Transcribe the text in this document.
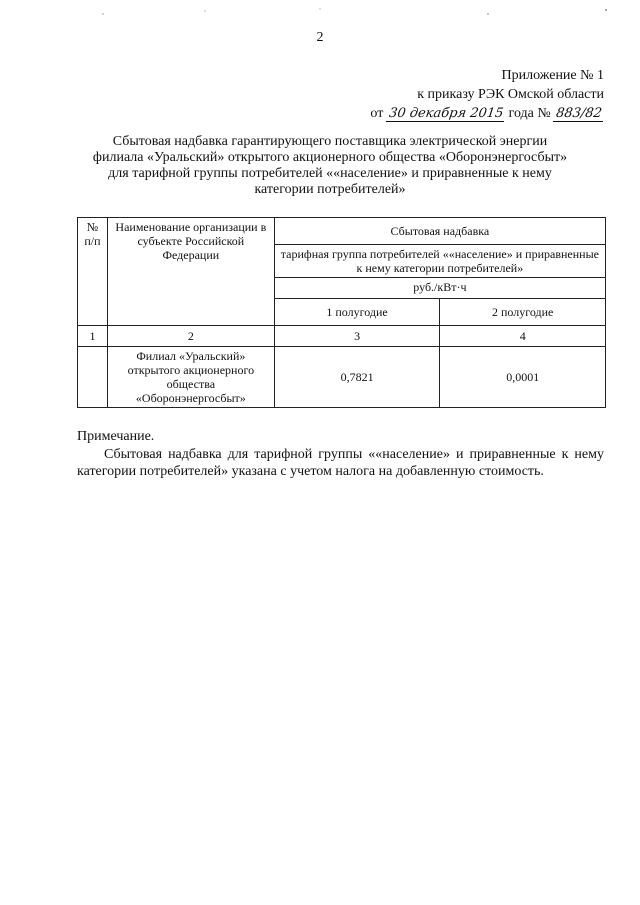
2
Приложение № 1
к приказу РЭК Омской области
от 30 декабря 2015 года № 883/82
Сбытовая надбавка гарантирующего поставщика электрической энергии
филиала «Уральский» открытого акционерного общества «Оборонэнергосбыт»
для тарифной группы потребителей ««население» и приравненные к нему
категории потребителей»
№ п/п	Наименование организации в субъекте Российской Федерации	Сбытовая надбавка	
		тарифная группа потребителей ««население» и приравненные к нему категории потребителей»	
		руб./кВт·ч	
		1 полугодие	2 полугодие
1	2	3	4
	Филиал «Уральский» открытого акционерного общества «Оборонэнергосбыт»	0,7821	0,0001
Примечание.
Сбытовая надбавка для тарифной группы ««население» и приравненные к нему категории потребителей» указана с учетом налога на добавленную стоимость.
